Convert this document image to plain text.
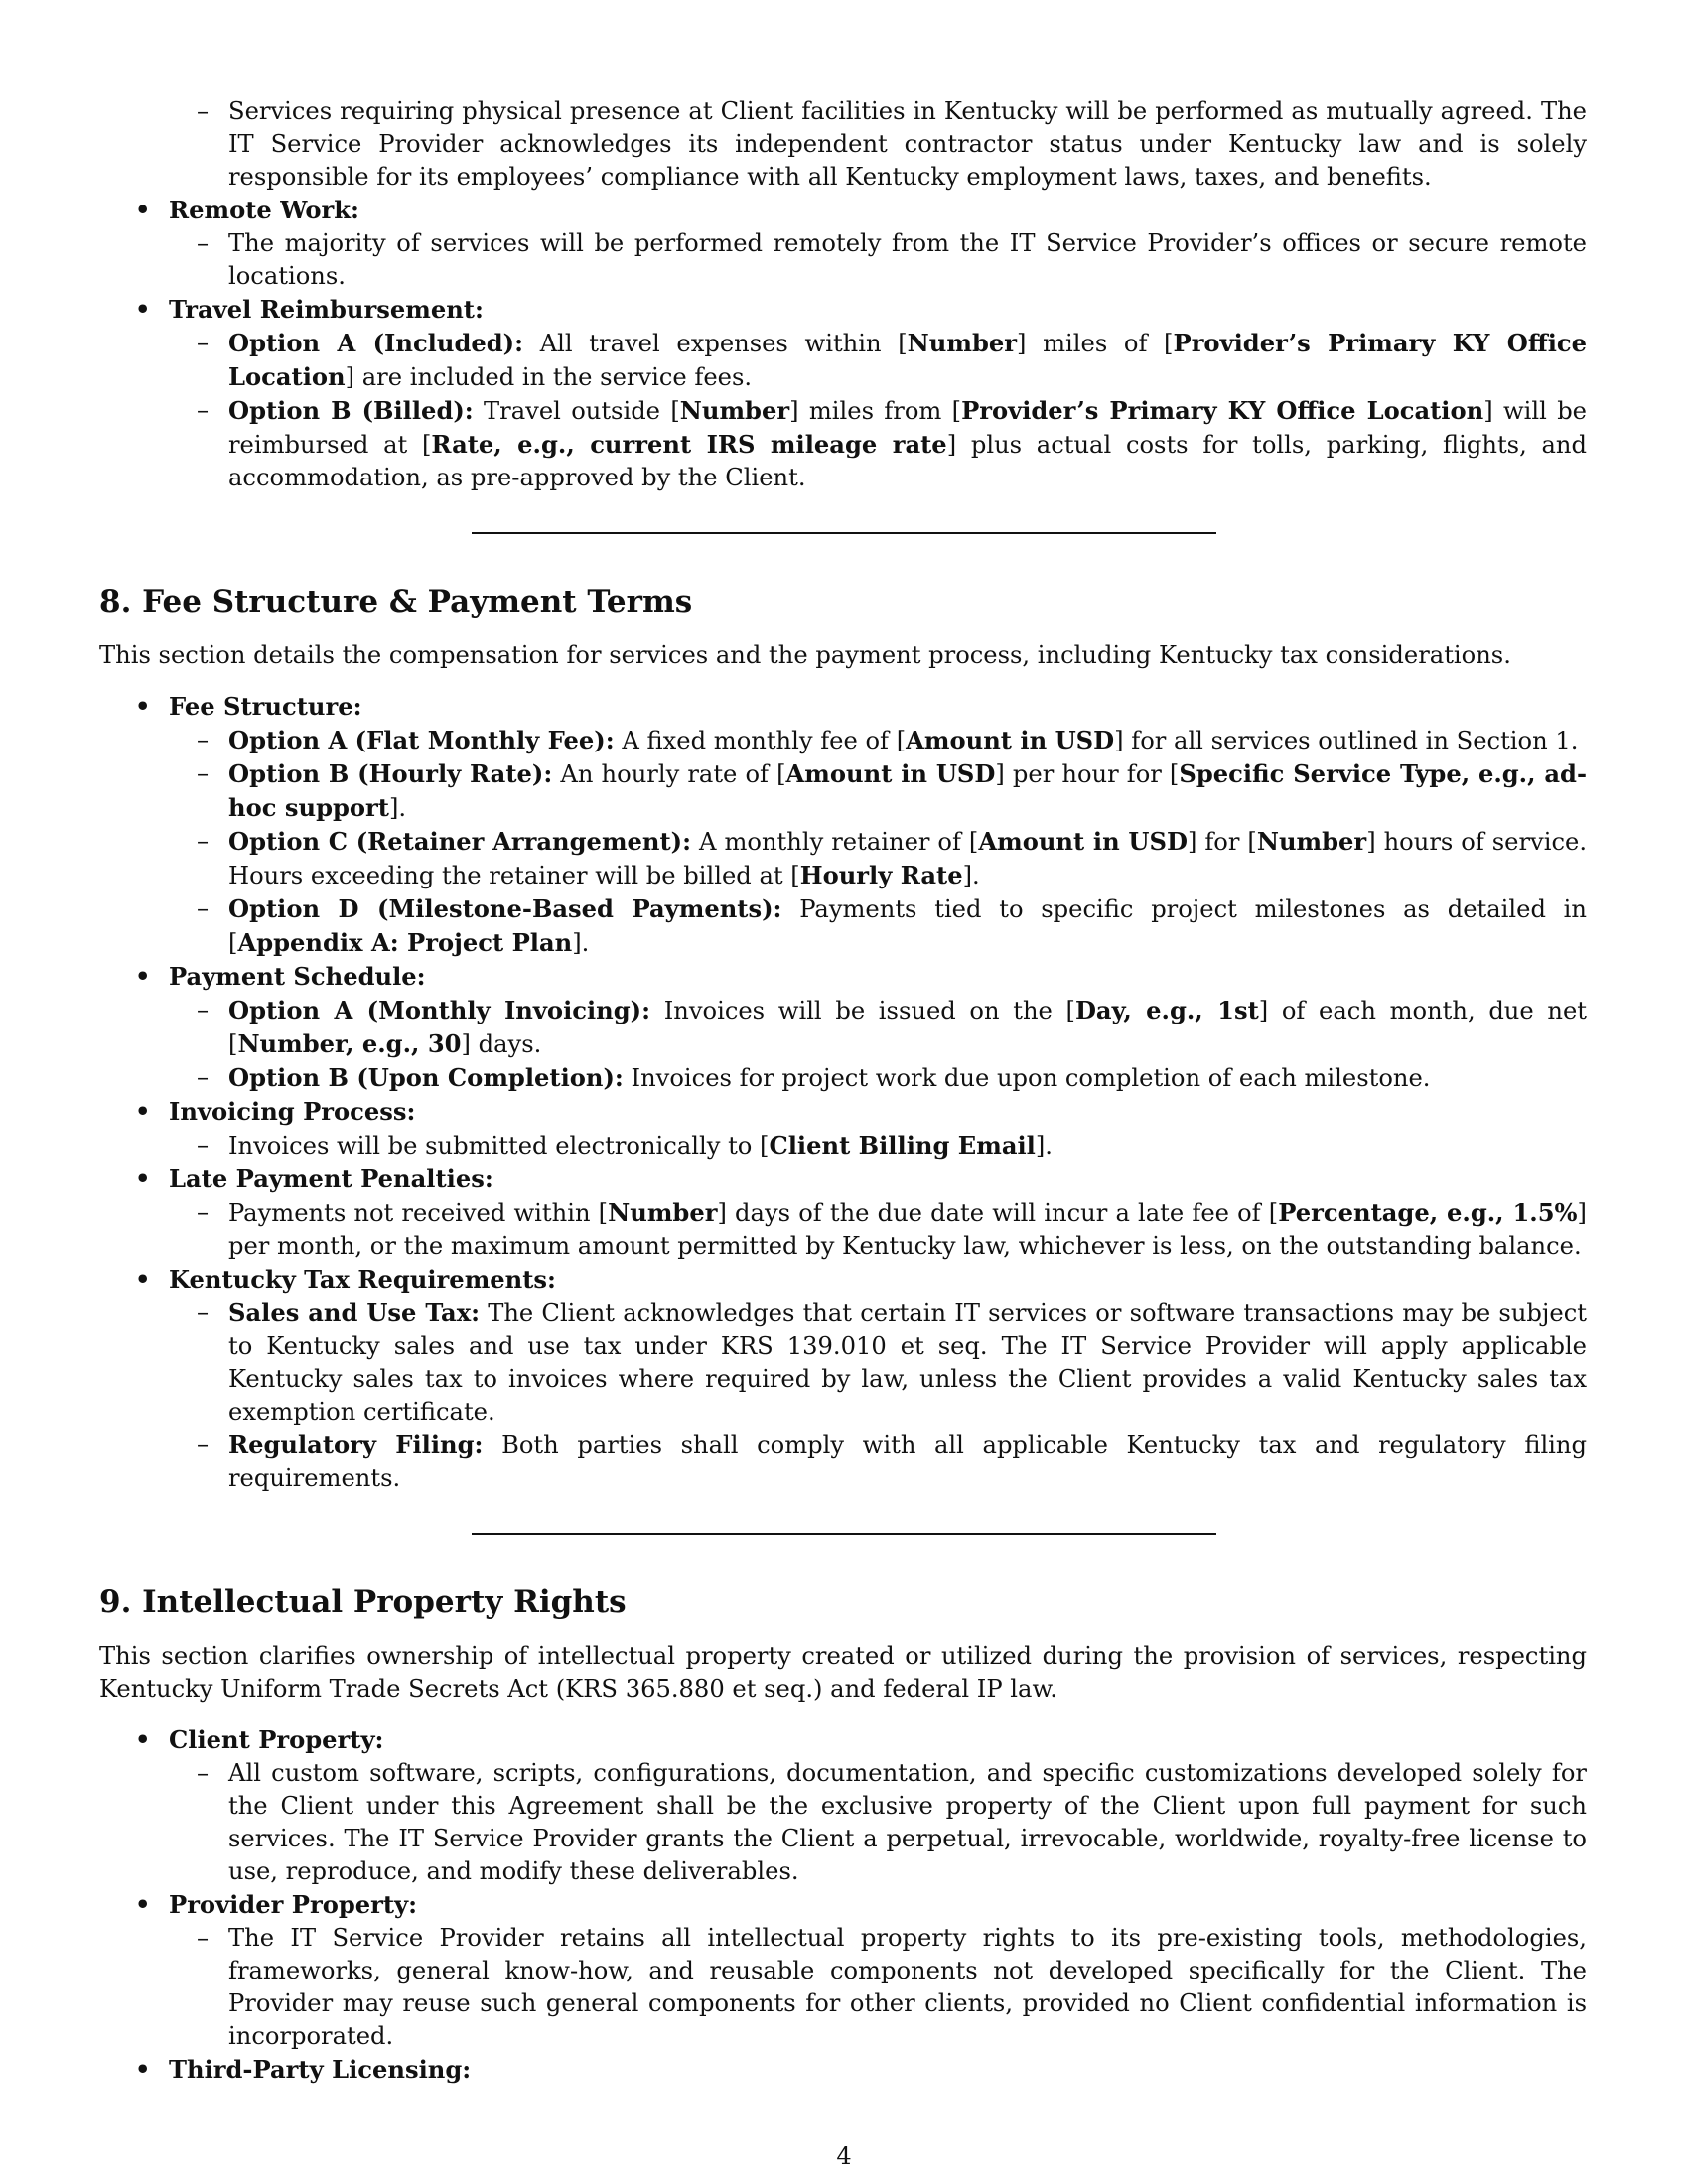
– Services requiring physical presence at Client facilities in Kentucky will be performed as mutually agreed. The IT Service Provider acknowledges its independent contractor status under Kentucky law and is solely responsible for its employees’ compliance with all Kentucky employment laws, taxes, and benefits.
• Remote Work:
– The majority of services will be performed remotely from the IT Service Provider’s offices or secure remote locations.
• Travel Reimbursement:
– Option A (Included): All travel expenses within [Number] miles of [Provider’s Primary KY Office Location] are included in the service fees.
– Option B (Billed): Travel outside [Number] miles from [Provider’s Primary KY Office Location] will be reimbursed at [Rate, e.g., current IRS mileage rate] plus actual costs for tolls, parking, flights, and accommodation, as pre-approved by the Client.
8. Fee Structure & Payment Terms
This section details the compensation for services and the payment process, including Kentucky tax considerations.
• Fee Structure:
– Option A (Flat Monthly Fee): A fixed monthly fee of [Amount in USD] for all services outlined in Section 1.
– Option B (Hourly Rate): An hourly rate of [Amount in USD] per hour for [Specific Service Type, e.g., ad-hoc support].
– Option C (Retainer Arrangement): A monthly retainer of [Amount in USD] for [Number] hours of service. Hours exceeding the retainer will be billed at [Hourly Rate].
– Option D (Milestone-Based Payments): Payments tied to specific project milestones as detailed in [Appendix A: Project Plan].
• Payment Schedule:
– Option A (Monthly Invoicing): Invoices will be issued on the [Day, e.g., 1st] of each month, due net [Number, e.g., 30] days.
– Option B (Upon Completion): Invoices for project work due upon completion of each milestone.
• Invoicing Process:
– Invoices will be submitted electronically to [Client Billing Email].
• Late Payment Penalties:
– Payments not received within [Number] days of the due date will incur a late fee of [Percentage, e.g., 1.5%] per month, or the maximum amount permitted by Kentucky law, whichever is less, on the outstanding balance.
• Kentucky Tax Requirements:
– Sales and Use Tax: The Client acknowledges that certain IT services or software transactions may be subject to Kentucky sales and use tax under KRS 139.010 et seq. The IT Service Provider will apply applicable Kentucky sales tax to invoices where required by law, unless the Client provides a valid Kentucky sales tax exemption certificate.
– Regulatory Filing: Both parties shall comply with all applicable Kentucky tax and regulatory filing requirements.
9. Intellectual Property Rights
This section clarifies ownership of intellectual property created or utilized during the provision of services, respecting Kentucky Uniform Trade Secrets Act (KRS 365.880 et seq.) and federal IP law.
• Client Property:
– All custom software, scripts, configurations, documentation, and specific customizations developed solely for the Client under this Agreement shall be the exclusive property of the Client upon full payment for such services. The IT Service Provider grants the Client a perpetual, irrevocable, worldwide, royalty-free license to use, reproduce, and modify these deliverables.
• Provider Property:
– The IT Service Provider retains all intellectual property rights to its pre-existing tools, methodologies, frameworks, general know-how, and reusable components not developed specifically for the Client. The Provider may reuse such general components for other clients, provided no Client confidential information is incorporated.
• Third-Party Licensing:
4
